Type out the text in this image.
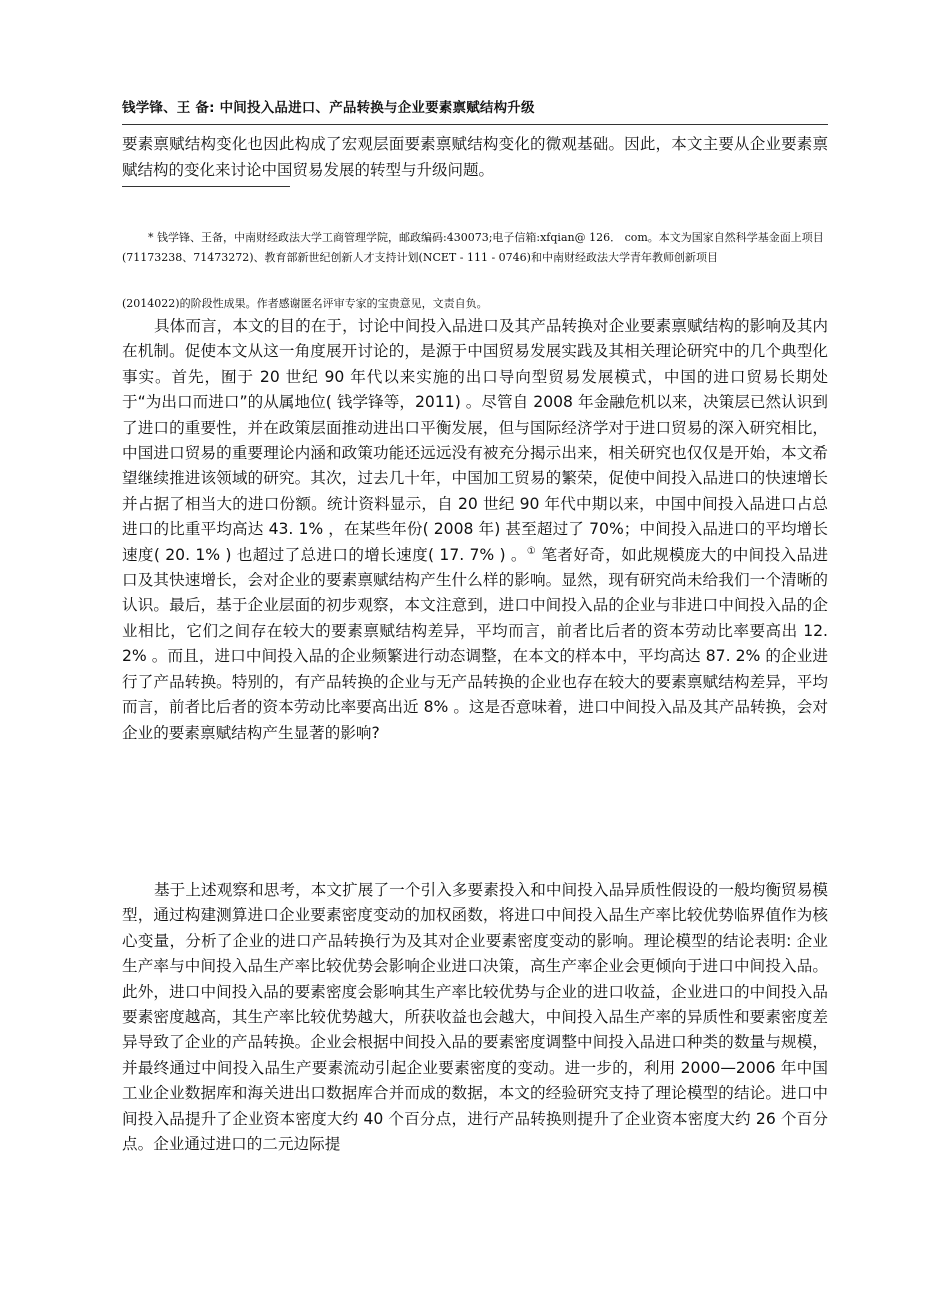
钱学锋、王 备: 中间投入品进口、产品转换与企业要素禀赋结构升级

要素禀赋结构变化也因此构成了宏观层面要素禀赋结构变化的微观基础。因此，本文主要从企业要素禀赋结构的变化来讨论中国贸易发展的转型与升级问题。

* 钱学锋、王备，中南财经政法大学工商管理学院，邮政编码:430073;电子信箱:xfqian@ 126． com。本文为国家自然科学基金面上项目(71173238、71473272)、教育部新世纪创新人才支持计划(NCET - 111 - 0746)和中南财经政法大学青年教师创新项目

(2014022)的阶段性成果。作者感谢匿名评审专家的宝贵意见，文责自负。

具体而言，本文的目的在于，讨论中间投入品进口及其产品转换对企业要素禀赋结构的影响及其内在机制。促使本文从这一角度展开讨论的，是源于中国贸易发展实践及其相关理论研究中的几个典型化事实。首先，囿于 20 世纪 90 年代以来实施的出口导向型贸易发展模式，中国的进口贸易长期处于“为出口而进口”的从属地位( 钱学锋等，2011) 。尽管自 2008 年金融危机以来，决策层已然认识到了进口的重要性，并在政策层面推动进出口平衡发展，但与国际经济学对于进口贸易的深入研究相比，中国进口贸易的重要理论内涵和政策功能还远远没有被充分揭示出来，相关研究也仅仅是开始，本文希望继续推进该领域的研究。其次，过去几十年，中国加工贸易的繁荣，促使中间投入品进口的快速增长并占据了相当大的进口份额。统计资料显示，自 20 世纪 90 年代中期以来，中国中间投入品进口占总进口的比重平均高达 43. 1% ，在某些年份( 2008 年) 甚至超过了 70%；中间投入品进口的平均增长速度( 20. 1% ) 也超过了总进口的增长速度( 17. 7% ) 。① 笔者好奇，如此规模庞大的中间投入品进口及其快速增长，会对企业的要素禀赋结构产生什么样的影响。显然，现有研究尚未给我们一个清晰的认识。最后，基于企业层面的初步观察，本文注意到，进口中间投入品的企业与非进口中间投入品的企业相比，它们之间存在较大的要素禀赋结构差异，平均而言，前者比后者的资本劳动比率要高出 12. 2% 。而且，进口中间投入品的企业频繁进行动态调整，在本文的样本中，平均高达 87. 2% 的企业进行了产品转换。特别的，有产品转换的企业与无产品转换的企业也存在较大的要素禀赋结构差异，平均而言，前者比后者的资本劳动比率要高出近 8% 。这是否意味着，进口中间投入品及其产品转换，会对企业的要素禀赋结构产生显著的影响?

基于上述观察和思考，本文扩展了一个引入多要素投入和中间投入品异质性假设的一般均衡贸易模型，通过构建测算进口企业要素密度变动的加权函数，将进口中间投入品生产率比较优势临界值作为核心变量，分析了企业的进口产品转换行为及其对企业要素密度变动的影响。理论模型的结论表明: 企业生产率与中间投入品生产率比较优势会影响企业进口决策，高生产率企业会更倾向于进口中间投入品。此外，进口中间投入品的要素密度会影响其生产率比较优势与企业的进口收益，企业进口的中间投入品要素密度越高，其生产率比较优势越大，所获收益也会越大，中间投入品生产率的异质性和要素密度差异导致了企业的产品转换。企业会根据中间投入品的要素密度调整中间投入品进口种类的数量与规模，并最终通过中间投入品生产要素流动引起企业要素密度的变动。进一步的，利用 2000—2006 年中国工业企业数据库和海关进出口数据库合并而成的数据，本文的经验研究支持了理论模型的结论。进口中间投入品提升了企业资本密度大约 40 个百分点，进行产品转换则提升了企业资本密度大约 26 个百分点。企业通过进口的二元边际提
